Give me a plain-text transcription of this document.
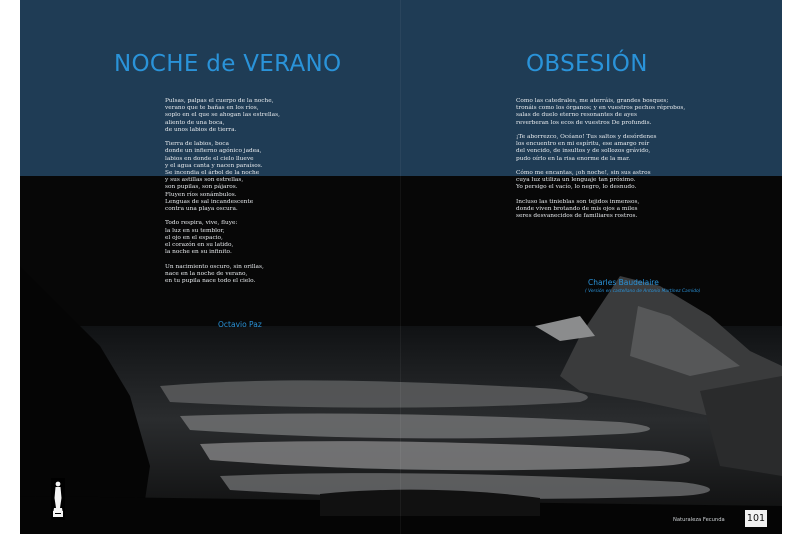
NOCHE de VERANO	OBSESIÓN
Pulsas, palpas el cuerpo de la noche,
verano que te bañas en los ríos,
soplo en el que se ahogan las estrellas,
aliento de una boca,
de unos labios de tierra.
Tierra de labios, boca
donde un infierno agónico jadea,
labios en donde el cielo llueve
y el agua canta y nacen paraísos.
Se incendia el árbol de la noche
y sus astillas son estrellas,
son pupilas, son pájaros.
Fluyen ríos sonámbulos.
Lenguas de sal incandescente
contra una playa oscura.
Todo respira, vive, fluye:
la luz en su temblor,
el ojo en el espacio,
el corazón en su latido,
la noche en su infinito.
Un nacimiento oscuro, sin orillas,
nace en la noche de verano,
en tu pupila nace todo el cielo.
Como las catedrales, me aterráis, grandes bosques;
tronáis como los órganos; y en vuestros pechos réprobos,
salas de duelo eterno resonantes de ayes
reverberan los ecos de vuestros De profundis.
¡Te aborrezco, Océano! Tus saltos y desórdenes
los encuentro en mi espíritu, ese amargo reír
del vencido, de insultos y de sollozos grávido,
pudo oírlo en la risa enorme de la mar.
Cómo me encantas, ¡oh noche!, sin sus astros
cuya luz utiliza un lenguaje tan próximo.
Yo persigo el vacío, lo negro, lo desnudo.
Incluso las tinieblas son tejidos inmensos,
donde viven brotando de mis ojos a miles
seres desvanecidos de familiares rostros.
Octavio Paz
Charles Baudelaire
( Versión en castellano de Antonio Martínez Camido)
Naturaleza Fecunda 101
